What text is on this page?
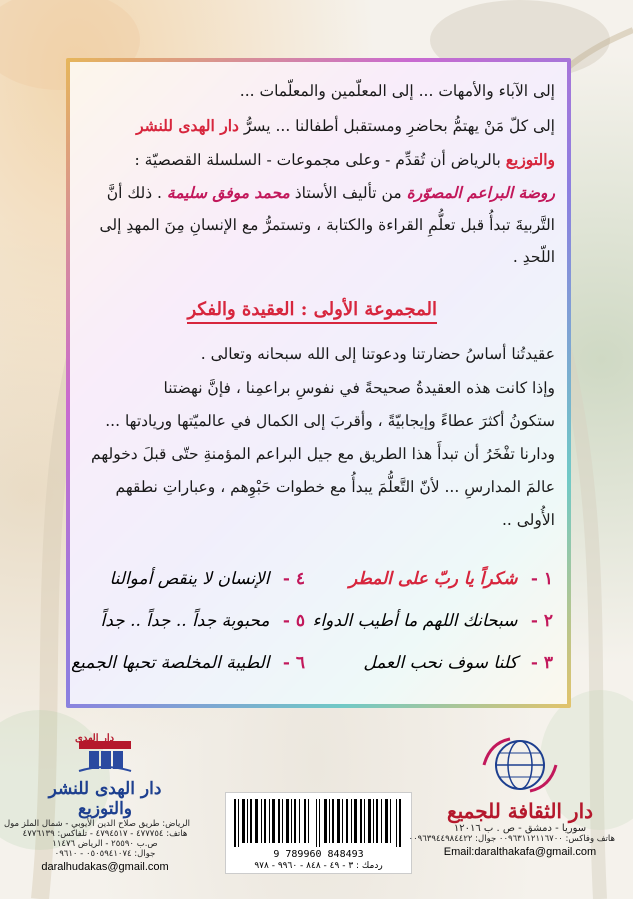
إلى الآباء والأمهات ... إلى المعلّمين والمعلّمات ...
إلى كلّ مَنْ يهتمُّ بحاضرِ ومستقبل أطفالنا ... يسرُّ دار الهدى للنشر
والتوزيع بالرياض أن تُقدِّم - وعلى مجموعات - السلسلة القصصيّة :
روضة البراعم المصوّرة من تأليف الأستاذ محمد موفق سليمة . ذلك أنَّ
التَّربيةَ تبدأُ قبل تعلُّمِ القراءة والكتابة ، وتستمرُّ مع الإنسانِ مِنَ المهدِ إلى
اللّحدِ .
المجموعة الأولى : العقيدة والفكر
عقيدتُنا أساسُ حضارتنا ودعوتنا إلى الله سبحانه وتعالى .
وإذا كانت هذه العقيدةُ صحيحةً في نفوسِ براعمِنا ، فإنَّ نهضتنا
ستكونُ أكثرَ عطاءً وإيجابيّةً ، وأقربَ إلى الكمال في عالميّتها وريادتها ...
ودارنا تفْخَرُ أن تبدأَ هذا الطريق مع جيل البراعم المؤمنةِ حتّى قبلَ دخولهم
عالمَ المدارسِ ... لأنّ التَّعلُّمَ يبدأُ مع خطوات حَبْوِهم ، وعباراتِ نطقهم
الأُولى ..
١ - شكراً يا ربّ على المطر
٢ - سبحانك اللهم ما أطيب الدواء
٣ - كلنا سوف نحب العمل
٤ - الإنسان لا ينقص أموالنا
٥ - محبوبة جداً .. جداً .. جداً
٦ - الطيبة المخلصة تحبها الجميع
دار الهدى
دار الهدى للنشر والتوزيع
الرياض: طريق صلاح الدين الأيوبي - شمال الملز مول
هاتف: ٤٧٧٧٥٤ - ٤٧٩٤٥١٧ - تلفاكس: ٤٧٧٦١٣٩
ص.ب ٢٥٥٩٠ - الرياض ١١٤٧٦
جوال: ٠٥٠٥٩٤١٠٧٤ - ٠٩٦١٠
daralhudakas@gmail.com
9 789960 848493
ردمك : ٣ - ٤٩ - ٨٤٨ - ٩٩٦٠ - ٩٧٨
دار الثقافة للجميع
سوريا - دمشق - ص . ب ١٢٠١٦
هاتف وفاكس: ٠٠٩٦٣١١٢١١٦٧٠٠ جوال: ٠٠٩٦٣٩٤٤٩٨٤٤٢٢
Email:daralthakafa@gmail.com
